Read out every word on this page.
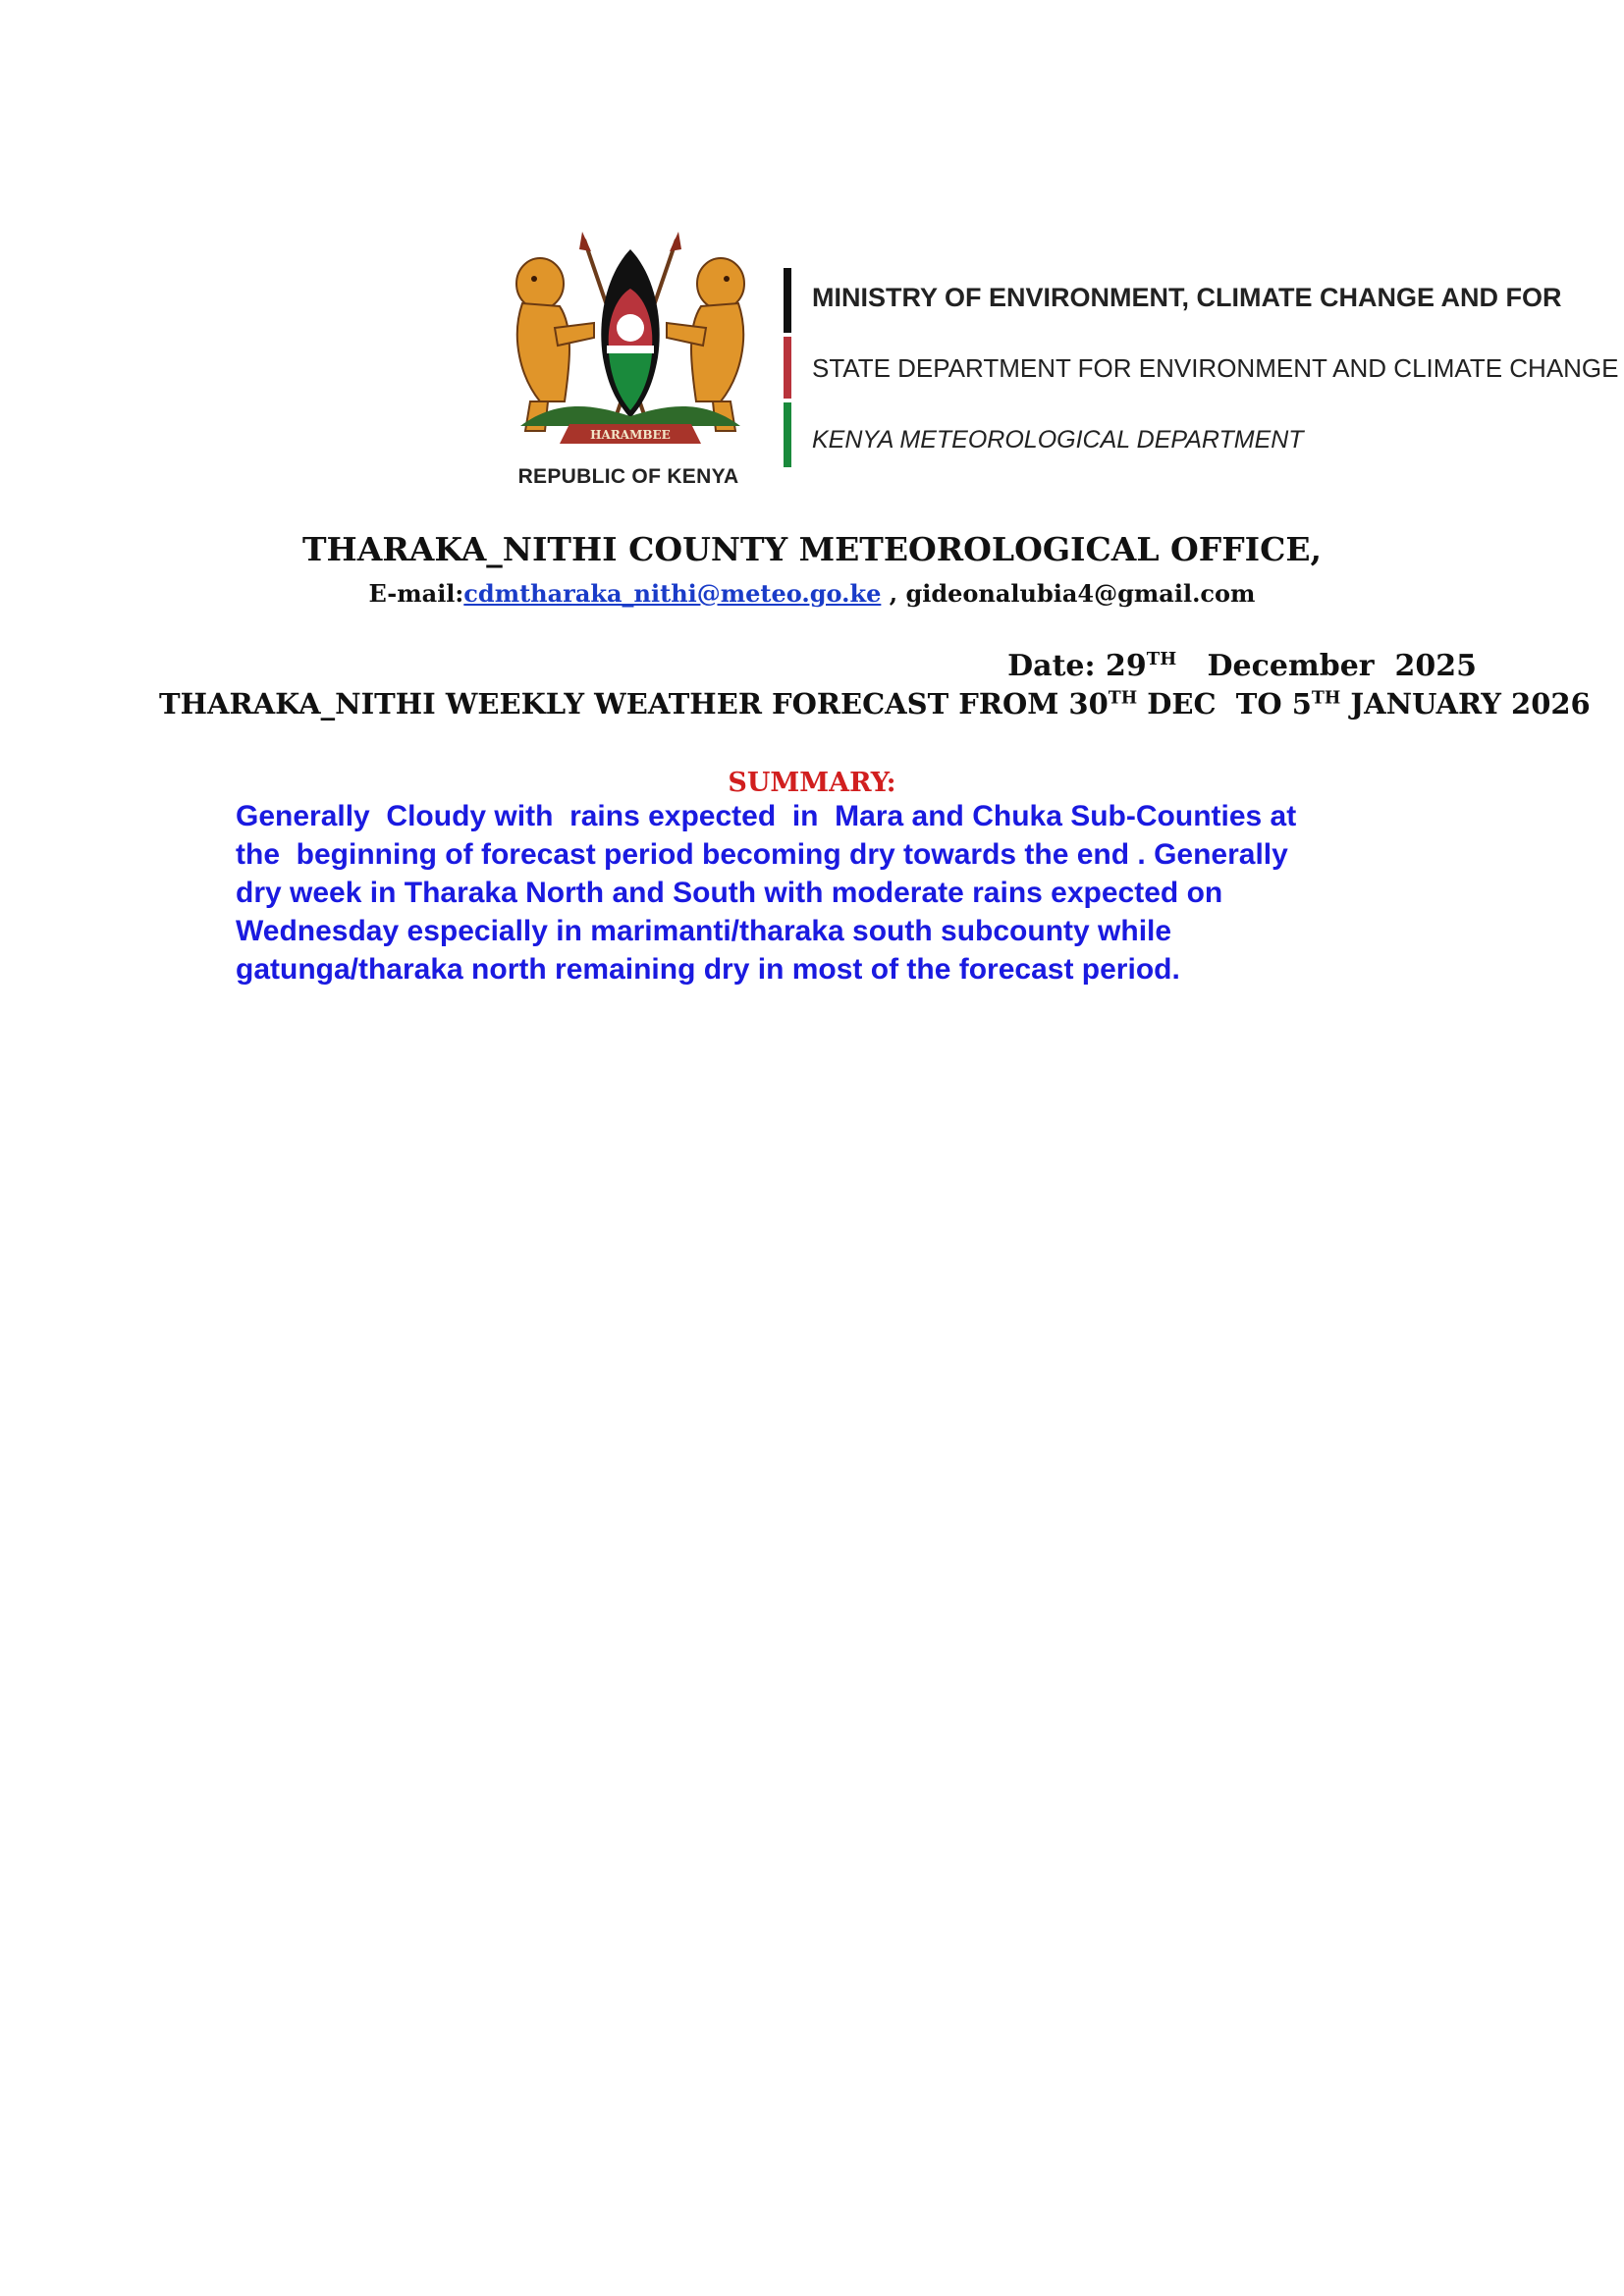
HARAMBEE
REPUBLIC OF KENYA
MINISTRY OF ENVIRONMENT, CLIMATE CHANGE AND FOR
STATE DEPARTMENT FOR ENVIRONMENT AND CLIMATE CHANGE
KENYA METEOROLOGICAL DEPARTMENT
THARAKA_NITHI COUNTY METEOROLOGICAL OFFICE,
E-mail:cdmtharaka_nithi@meteo.go.ke , gideonalubia4@gmail.com
Date: 29TH   December  2025
THARAKA_NITHI WEEKLY WEATHER FORECAST FROM 30TH DEC  TO 5TH JANUARY 2026
SUMMARY:
Generally  Cloudy with  rains expected  in  Mara and Chuka Sub-Counties at
the  beginning of forecast period becoming dry towards the end . Generally
dry week in Tharaka North and South with moderate rains expected on
Wednesday especially in marimanti/tharaka south subcounty while
gatunga/tharaka north remaining dry in most of the forecast period.
